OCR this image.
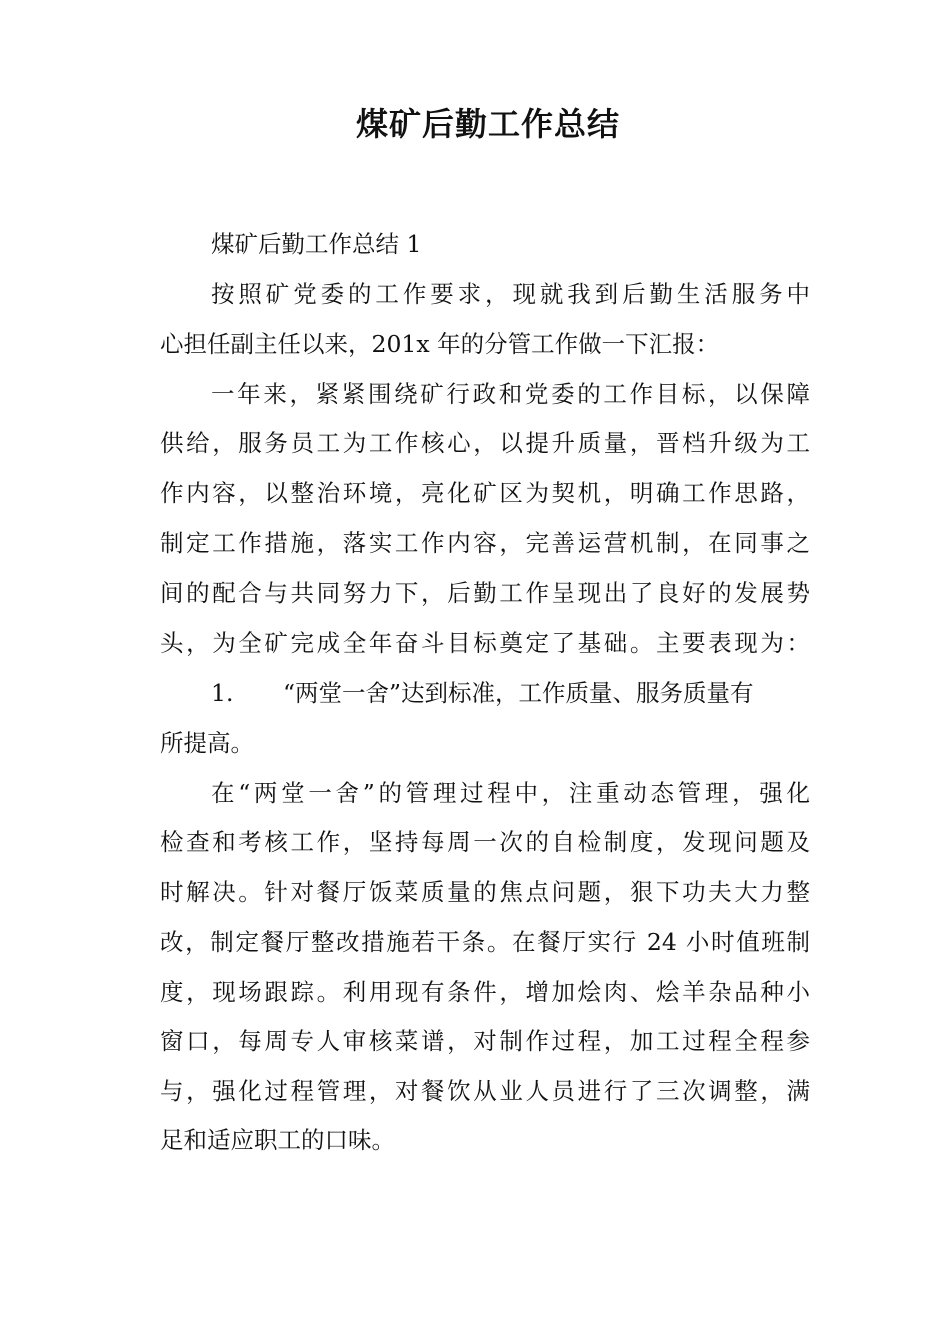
煤矿后勤工作总结

煤矿后勤工作总结 1

按照矿党委的工作要求，现就我到后勤生活服务中

心担任副主任以来，201x 年的分管工作做一下汇报：

一年来，紧紧围绕矿行政和党委的工作目标，以保障

供给，服务员工为工作核心，以提升质量，晋档升级为工

作内容，以整治环境，亮化矿区为契机，明确工作思路，

制定工作措施，落实工作内容，完善运营机制，在同事之

间的配合与共同努力下，后勤工作呈现出了良好的发展势

头，为全矿完成全年奋斗目标奠定了基础。主要表现为：

1. “两堂一舍”达到标准，工作质量、服务质量有

所提高。

在“两堂一舍”的管理过程中，注重动态管理，强化

检查和考核工作，坚持每周一次的自检制度，发现问题及

时解决。针对餐厅饭菜质量的焦点问题，狠下功夫大力整

改，制定餐厅整改措施若干条。在餐厅实行 24 小时值班制

度，现场跟踪。利用现有条件，增加烩肉、烩羊杂品种小

窗口，每周专人审核菜谱，对制作过程，加工过程全程参

与，强化过程管理，对餐饮从业人员进行了三次调整，满

足和适应职工的口味。
